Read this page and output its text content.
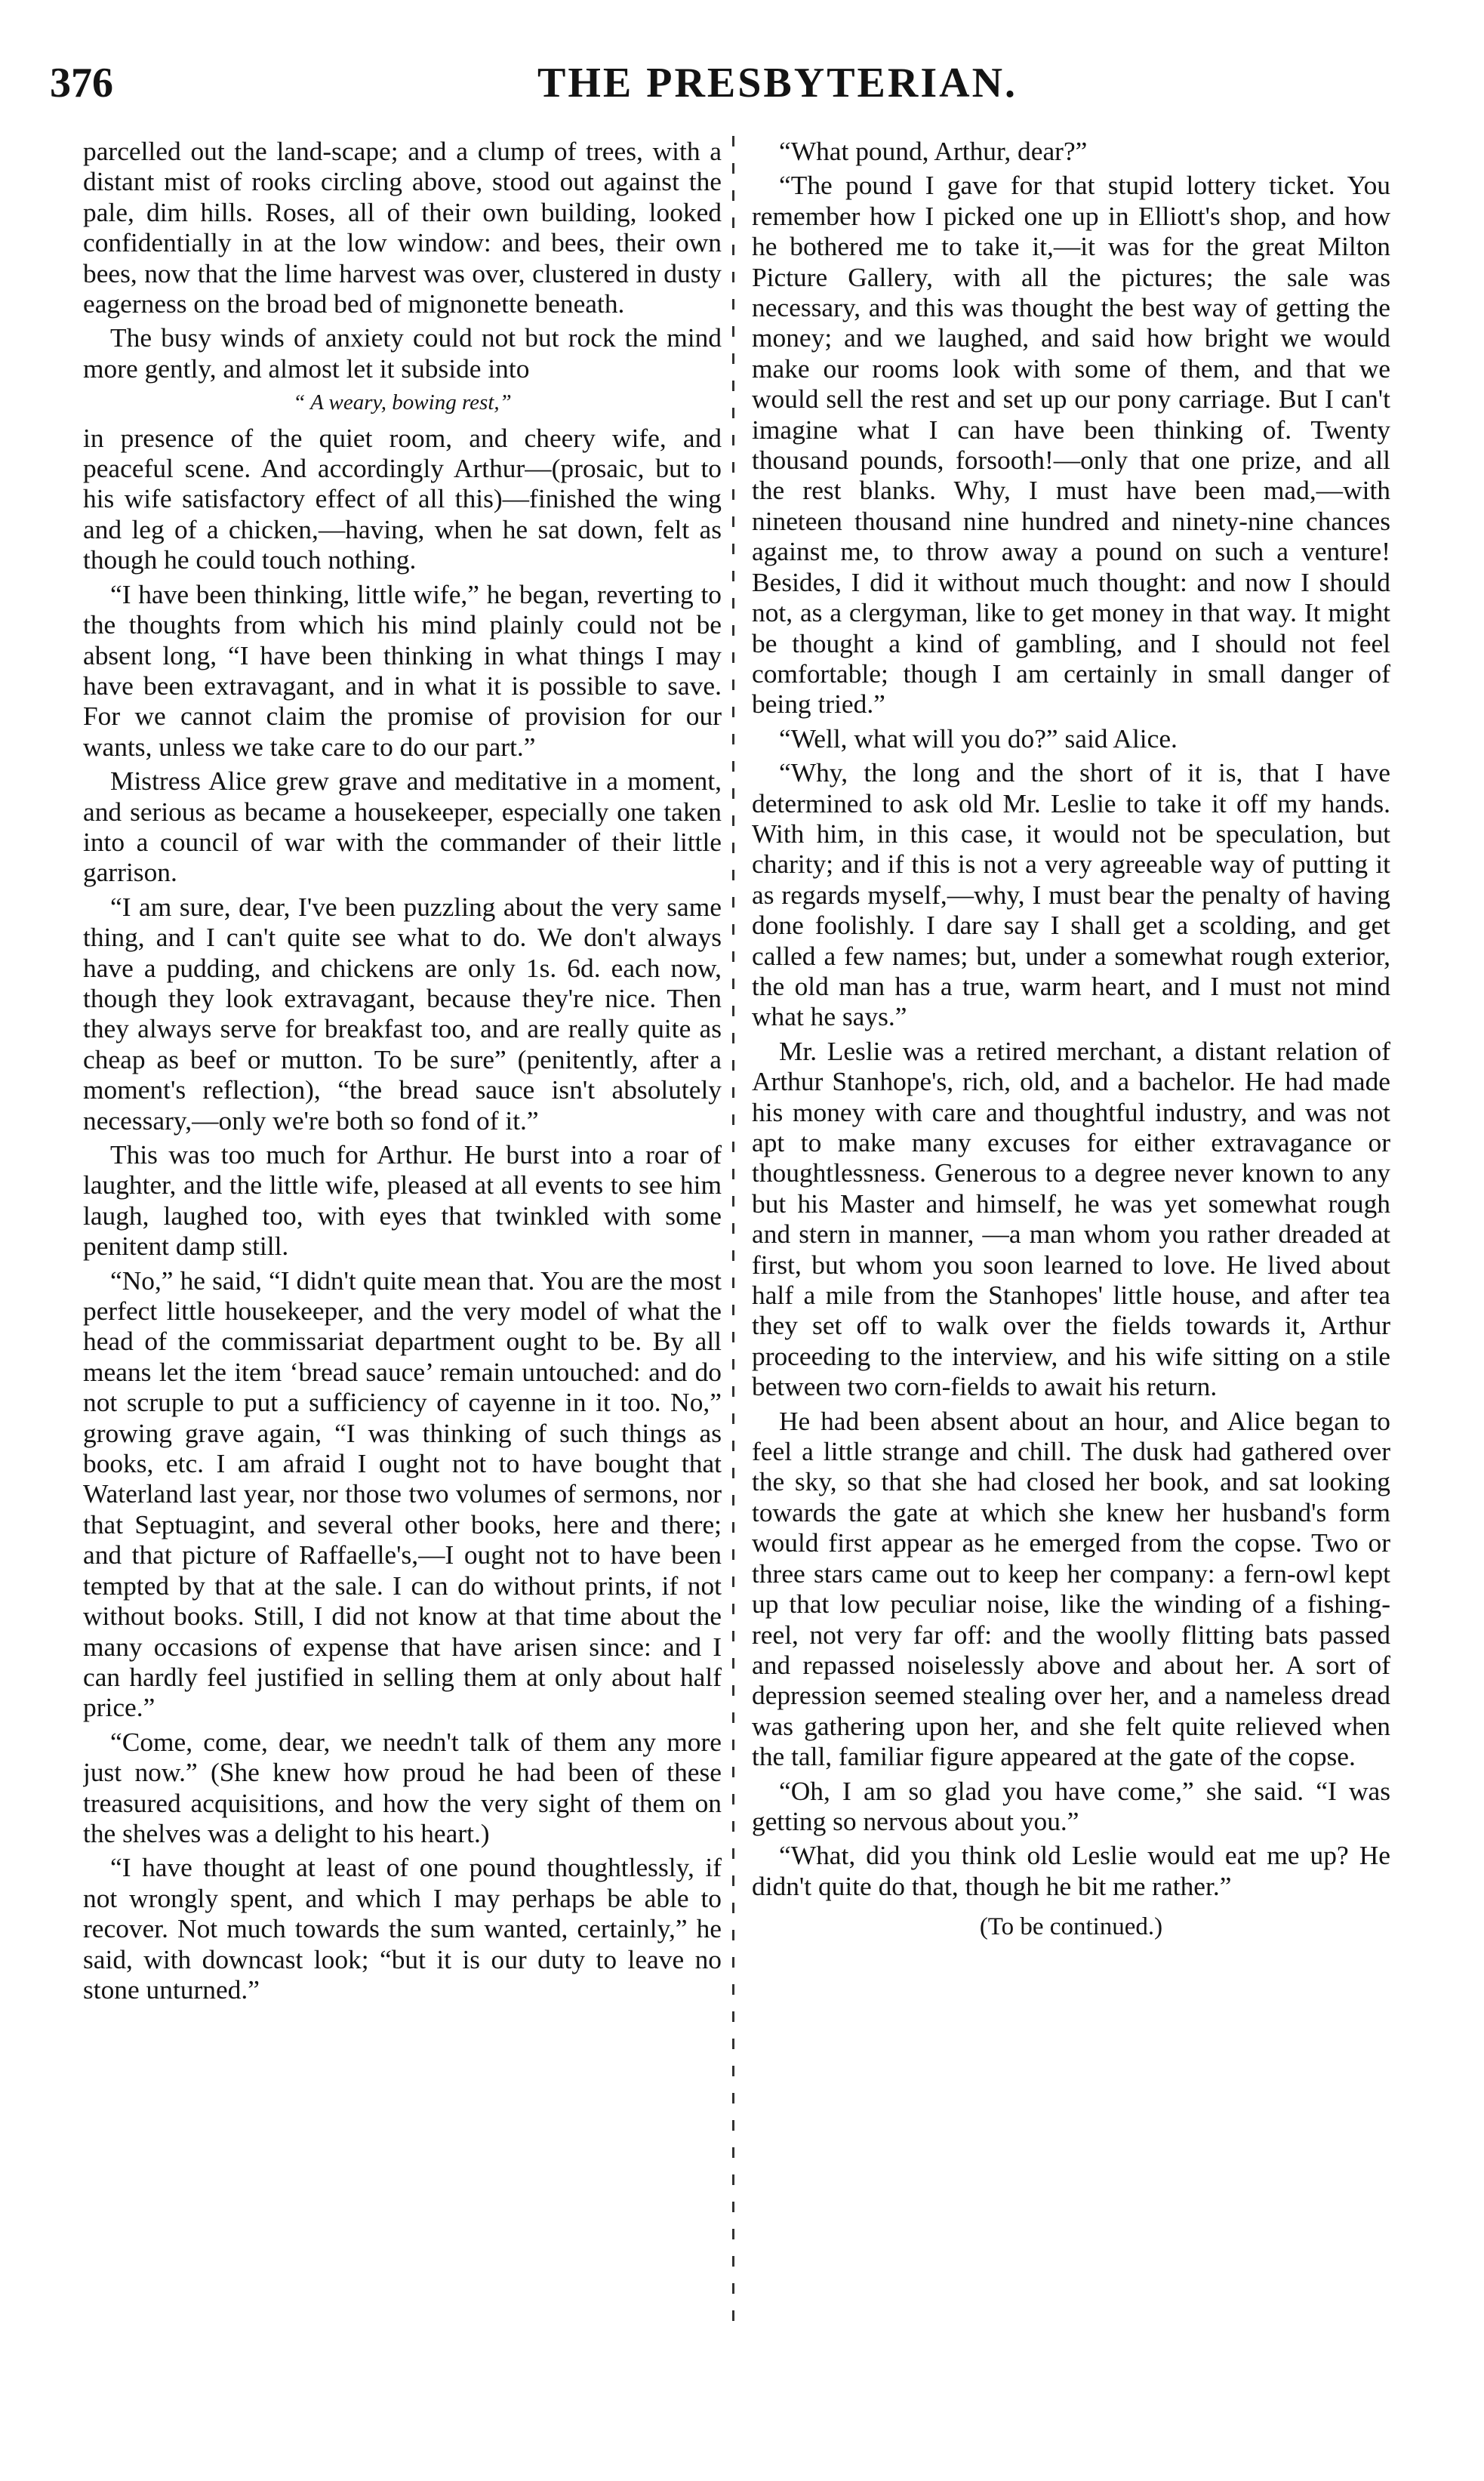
376	THE PRESBYTERIAN.

parcelled out the land-scape; and a clump of trees, with a distant mist of rooks circling above, stood out against the pale, dim hills. Roses, all of their own building, looked confidentially in at the low window: and bees, their own bees, now that the lime harvest was over, clustered in dusty eagerness on the broad bed of mignonette beneath.

The busy winds of anxiety could not but rock the mind more gently, and almost let it subside into

“ A weary, bowing rest,”

in presence of the quiet room, and cheery wife, and peaceful scene. And accordingly Arthur—(prosaic, but to his wife satisfactory effect of all this)—finished the wing and leg of a chicken,—having, when he sat down, felt as though he could touch nothing.

“I have been thinking, little wife,” he began, reverting to the thoughts from which his mind plainly could not be absent long, “I have been thinking in what things I may have been extravagant, and in what it is possible to save. For we cannot claim the promise of provision for our wants, unless we take care to do our part.”

Mistress Alice grew grave and meditative in a moment, and serious as became a housekeeper, especially one taken into a council of war with the commander of their little garrison.

“I am sure, dear, I've been puzzling about the very same thing, and I can't quite see what to do. We don't always have a pudding, and chickens are only 1s. 6d. each now, though they look extravagant, because they're nice. Then they always serve for breakfast too, and are really quite as cheap as beef or mutton. To be sure” (penitently, after a moment's reflection), “the bread sauce isn't absolutely necessary,—only we're both so fond of it.”

This was too much for Arthur. He burst into a roar of laughter, and the little wife, pleased at all events to see him laugh, laughed too, with eyes that twinkled with some penitent damp still.

“No,” he said, “I didn't quite mean that. You are the most perfect little housekeeper, and the very model of what the head of the commissariat department ought to be. By all means let the item ‘bread sauce’ remain untouched: and do not scruple to put a sufficiency of cayenne in it too. No,” growing grave again, “I was thinking of such things as books, etc. I am afraid I ought not to have bought that Waterland last year, nor those two volumes of sermons, nor that Septuagint, and several other books, here and there; and that picture of Raffaelle's,—I ought not to have been tempted by that at the sale. I can do without prints, if not without books. Still, I did not know at that time about the many occasions of expense that have arisen since: and I can hardly feel justified in selling them at only about half price.”

“Come, come, dear, we needn't talk of them any more just now.” (She knew how proud he had been of these treasured acquisitions, and how the very sight of them on the shelves was a delight to his heart.)

“I have thought at least of one pound thoughtlessly, if not wrongly spent, and which I may perhaps be able to recover. Not much towards the sum wanted, certainly,” he said, with downcast look; “but it is our duty to leave no stone unturned.”

“What pound, Arthur, dear?”

“The pound I gave for that stupid lottery ticket. You remember how I picked one up in Elliott's shop, and how he bothered me to take it,—it was for the great Milton Picture Gallery, with all the pictures; the sale was necessary, and this was thought the best way of getting the money; and we laughed, and said how bright we would make our rooms look with some of them, and that we would sell the rest and set up our pony carriage. But I can't imagine what I can have been thinking of. Twenty thousand pounds, forsooth!—only that one prize, and all the rest blanks. Why, I must have been mad,—with nineteen thousand nine hundred and ninety-nine chances against me, to throw away a pound on such a venture! Besides, I did it without much thought: and now I should not, as a clergyman, like to get money in that way. It might be thought a kind of gambling, and I should not feel comfortable; though I am certainly in small danger of being tried.”

“Well, what will you do?” said Alice.

“Why, the long and the short of it is, that I have determined to ask old Mr. Leslie to take it off my hands. With him, in this case, it would not be speculation, but charity; and if this is not a very agreeable way of putting it as regards myself,—why, I must bear the penalty of having done foolishly. I dare say I shall get a scolding, and get called a few names; but, under a somewhat rough exterior, the old man has a true, warm heart, and I must not mind what he says.”

Mr. Leslie was a retired merchant, a distant relation of Arthur Stanhope's, rich, old, and a bachelor. He had made his money with care and thoughtful industry, and was not apt to make many excuses for either extravagance or thoughtlessness. Generous to a degree never known to any but his Master and himself, he was yet somewhat rough and stern in manner, —a man whom you rather dreaded at first, but whom you soon learned to love. He lived about half a mile from the Stanhopes' little house, and after tea they set off to walk over the fields towards it, Arthur proceeding to the interview, and his wife sitting on a stile between two corn-fields to await his return.

He had been absent about an hour, and Alice began to feel a little strange and chill. The dusk had gathered over the sky, so that she had closed her book, and sat looking towards the gate at which she knew her husband's form would first appear as he emerged from the copse. Two or three stars came out to keep her company: a fern-owl kept up that low peculiar noise, like the winding of a fishing-reel, not very far off: and the woolly flitting bats passed and repassed noiselessly above and about her. A sort of depression seemed stealing over her, and a nameless dread was gathering upon her, and she felt quite relieved when the tall, familiar figure appeared at the gate of the copse.

“Oh, I am so glad you have come,” she said. “I was getting so nervous about you.”

“What, did you think old Leslie would eat me up? He didn't quite do that, though he bit me rather.”

(To be continued.)
